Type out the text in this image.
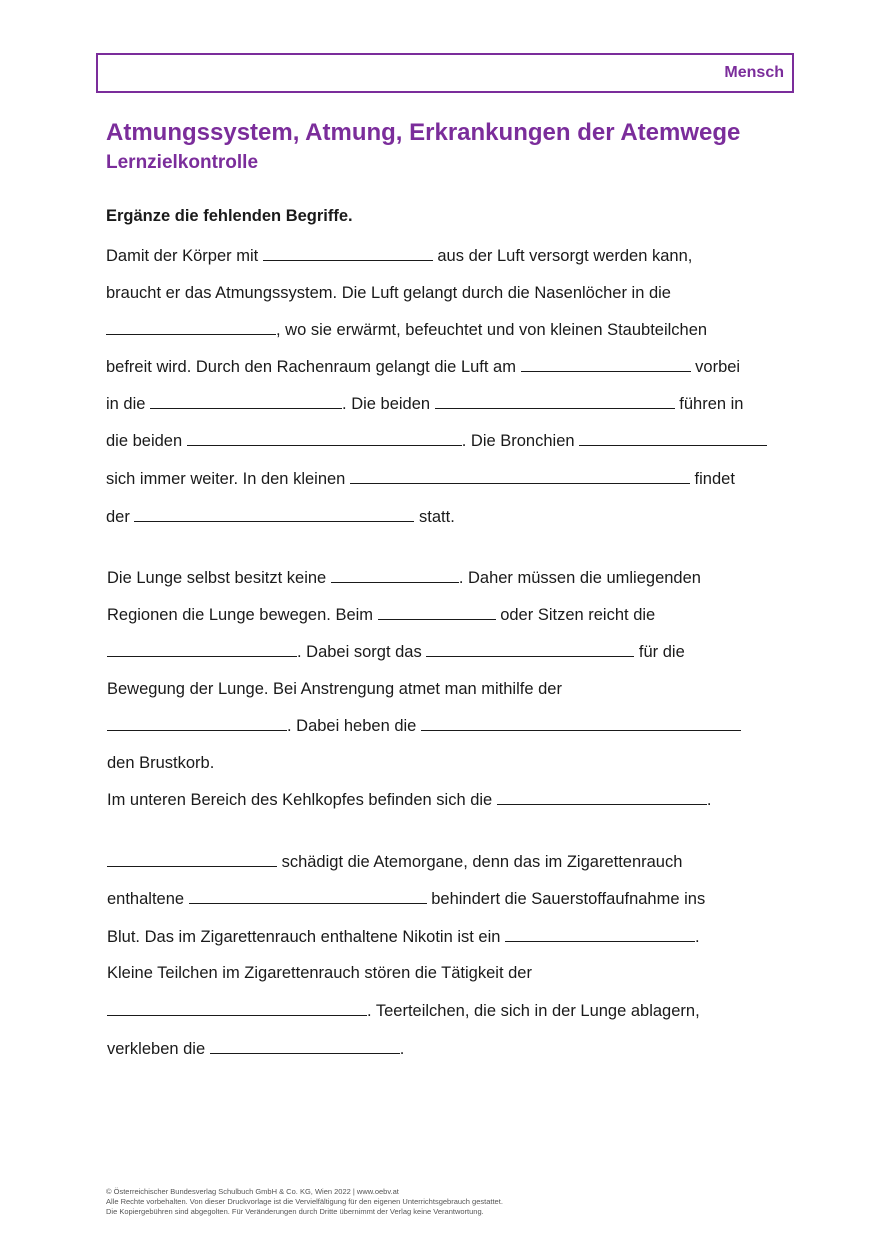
Mensch
Atmungssystem, Atmung, Erkrankungen der Atemwege
Lernzielkontrolle

Ergänze die fehlenden Begriffe.

Damit der Körper mit	aus der Luft versorgt werden kann,
braucht er das Atmungssystem. Die Luft gelangt durch die Nasenlöcher in die
, wo sie erwärmt, befeuchtet und von kleinen Staubteilchen
befreit wird. Durch den Rachenraum gelangt die Luft am	vorbei
in die	. Die beiden	führen in
die beiden	. Die Bronchien
sich immer weiter. In den kleinen	findet
der	statt.
Die Lunge selbst besitzt keine	. Daher müssen die umliegenden
Regionen die Lunge bewegen. Beim	oder Sitzen reicht die
. Dabei sorgt das	für die
Bewegung der Lunge. Bei Anstrengung atmet man mithilfe der
. Dabei heben die
den Brustkorb.
Im unteren Bereich des Kehlkopfes befinden sich die	.
schädigt die Atemorgane, denn das im Zigarettenrauch
enthaltene	behindert die Sauerstoffaufnahme ins
Blut. Das im Zigarettenrauch enthaltene Nikotin ist ein	.
Kleine Teilchen im Zigarettenrauch stören die Tätigkeit der
. Teerteilchen, die sich in der Lunge ablagern,
verkleben die	.
© Österreichischer Bundesverlag Schulbuch GmbH & Co. KG, Wien 2022 | www.oebv.at
Alle Rechte vorbehalten. Von dieser Druckvorlage ist die Vervielfältigung für den eigenen Unterrichtsgebrauch gestattet.
Die Kopiergebühren sind abgegolten. Für Veränderungen durch Dritte übernimmt der Verlag keine Verantwortung.
